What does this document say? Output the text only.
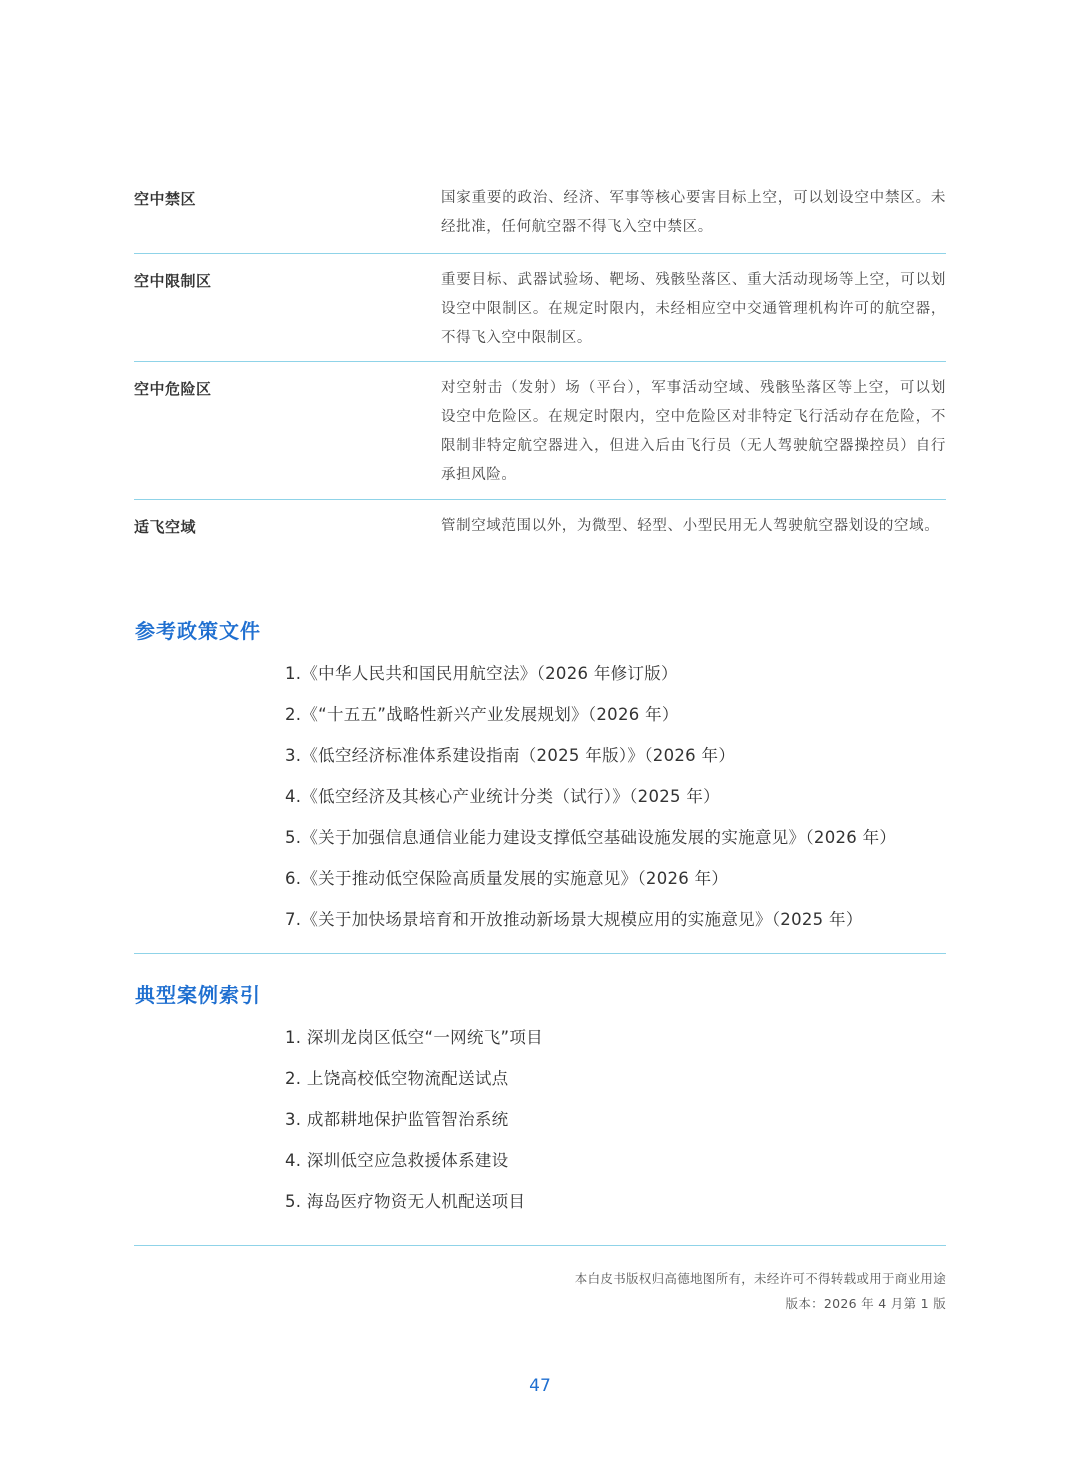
空中禁区	国家重要的政治、经济、军事等核心要害目标上空，可以划设空中禁区。未经批准，任何航空器不得飞入空中禁区。
空中限制区	重要目标、武器试验场、靶场、残骸坠落区、重大活动现场等上空，可以划设空中限制区。在规定时限内，未经相应空中交通管理机构许可的航空器，不得飞入空中限制区。
空中危险区	对空射击（发射）场（平台），军事活动空域、残骸坠落区等上空，可以划设空中危险区。在规定时限内，空中危险区对非特定飞行活动存在危险，不限制非特定航空器进入，但进入后由飞行员（无人驾驶航空器操控员）自行承担风险。
适飞空域	管制空域范围以外，为微型、轻型、小型民用无人驾驶航空器划设的空域。
参考政策文件
1.《中华人民共和国民用航空法》（2026 年修订版）
2.《“十五五”战略性新兴产业发展规划》（2026 年）
3.《低空经济标准体系建设指南（2025 年版）》（2026 年）
4.《低空经济及其核心产业统计分类（试行）》（2025 年）
5.《关于加强信息通信业能力建设支撑低空基础设施发展的实施意见》（2026 年）
6.《关于推动低空保险高质量发展的实施意见》（2026 年）
7.《关于加快场景培育和开放推动新场景大规模应用的实施意见》（2025 年）
典型案例索引
1. 深圳龙岗区低空“一网统飞”项目
2. 上饶高校低空物流配送试点
3. 成都耕地保护监管智治系统
4. 深圳低空应急救援体系建设
5. 海岛医疗物资无人机配送项目
本白皮书版权归高德地图所有，未经许可不得转载或用于商业用途
版本：2026 年 4 月第 1 版
47
